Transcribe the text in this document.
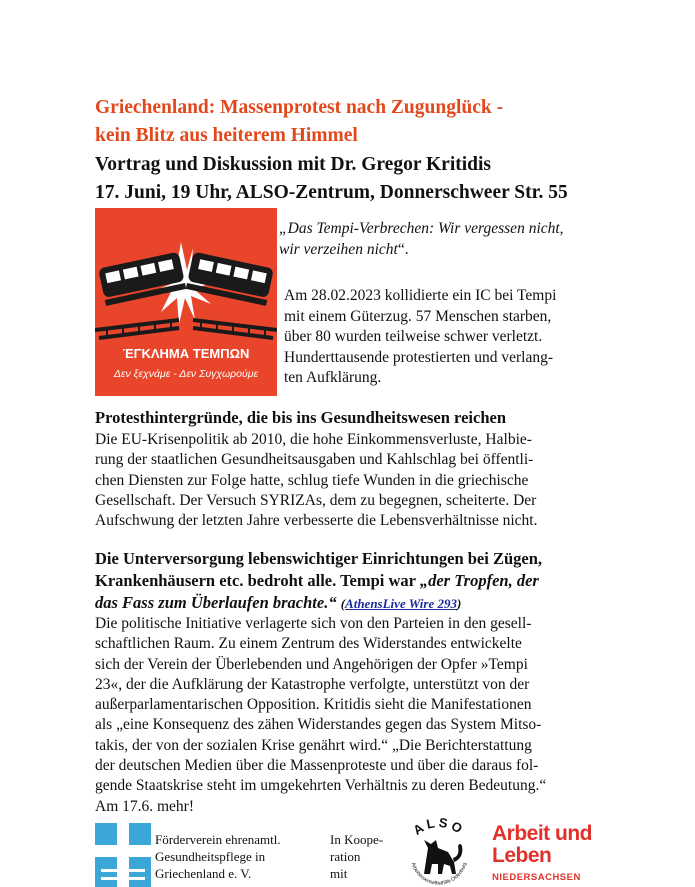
Griechenland: Massenprotest nach Zugunglück -
kein Blitz aus heiterem Himmel
Vortrag und Diskussion mit Dr. Gregor Kritidis
17. Juni, 19 Uhr, ALSO-Zentrum, Donnerschweer Str. 55
ΈΓΚΛΗΜΑ ΤΕΜΠΩΝ
Δεν ξεχνάμε - Δεν Συγχωρούμε
„Das Tempi-Verbrechen: Wir vergessen nicht,
wir verzeihen nicht“.
Am 28.02.2023 kollidierte ein IC bei Tempi
mit einem Güterzug. 57 Menschen starben,
über 80 wurden teilweise schwer verletzt.
Hunderttausende protestierten und verlang-
ten Aufklärung.
Protesthintergründe, die bis ins Gesundheitswesen reichen
Die EU-Krisenpolitik ab 2010, die hohe Einkommensverluste, Halbie-
rung der staatlichen Gesundheitsausgaben und Kahlschlag bei öffentli-
chen Diensten zur Folge hatte, schlug tiefe Wunden in die griechische
Gesellschaft. Der Versuch SYRIZAs, dem zu begegnen, scheiterte. Der
Aufschwung der letzten Jahre verbesserte die Lebensverhältnisse nicht.
Die Unterversorgung lebenswichtiger Einrichtungen bei Zügen,
Krankenhäusern etc. bedroht alle. Tempi war „der Tropfen, der
das Fass zum Überlaufen brachte.“ (AthensLive Wire 293)
Die politische Initiative verlagerte sich von den Parteien in den gesell-
schaftlichen Raum. Zu einem Zentrum des Widerstandes entwickelte
sich der Verein der Überlebenden und Angehörigen der Opfer »Tempi
23«, der die Aufklärung der Katastrophe verfolgte, unterstützt von der
außerparlamentarischen Opposition. Kritidis sieht die Manifestationen
als „eine Konsequenz des zähen Widerstandes gegen das System Mitso-
takis, der von der sozialen Krise genährt wird.“ „Die Berichterstattung
der deutschen Medien über die Massenproteste und über die daraus fol-
gende Staatskrise steht im umgekehrten Verhältnis zu deren Bedeutung.“
Am 17.6. mehr!
Förderverein ehrenamtl.
Gesundheitspflege in
Griechenland e. V.
In Koope-
ration
mit
ALSO
Arbeitslosenselbsthilfe Oldenburg
Arbeit und
Leben
NIEDERSACHSEN
